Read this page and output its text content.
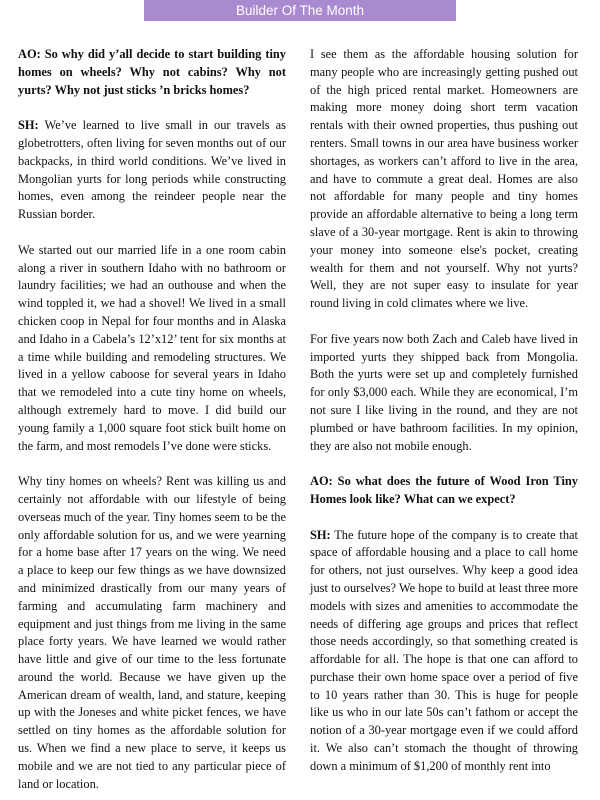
Builder Of The Month

AO: So why did y’all decide to start building tiny homes on wheels? Why not cabins? Why not yurts? Why not just sticks ’n bricks homes?

SH: We’ve learned to live small in our travels as globetrotters, often living for seven months out of our backpacks, in third world conditions. We’ve lived in Mongolian yurts for long periods while constructing homes, even among the reindeer people near the Russian border.

We started out our married life in a one room cabin along a river in southern Idaho with no bathroom or laundry facilities; we had an outhouse and when the wind toppled it, we had a shovel! We lived in a small chicken coop in Nepal for four months and in Alaska and Idaho in a Cabela’s 12’x12’ tent for six months at a time while building and remodeling structures. We lived in a yellow caboose for several years in Idaho that we remodeled into a cute tiny home on wheels, although extremely hard to move. I did build our young family a 1,000 square foot stick built home on the farm, and most remodels I’ve done were sticks.

Why tiny homes on wheels? Rent was killing us and certainly not affordable with our lifestyle of being overseas much of the year. Tiny homes seem to be the only affordable solution for us, and we were yearning for a home base after 17 years on the wing. We need a place to keep our few things as we have downsized and minimized drastically from our many years of farming and accumulating farm machinery and equipment and just things from me living in the same place forty years. We have learned we would rather have little and give of our time to the less fortunate around the world. Because we have given up the American dream of wealth, land, and stature, keeping up with the Joneses and white picket fences, we have settled on tiny homes as the affordable solution for us. When we find a new place to serve, it keeps us mobile and we are not tied to any particular piece of land or location.

I see them as the affordable housing solution for many people who are increasingly getting pushed out of the high priced rental market. Homeowners are making more money doing short term vacation rentals with their owned properties, thus pushing out renters. Small towns in our area have business worker shortages, as workers can’t afford to live in the area, and have to commute a great deal. Homes are also not affordable for many people and tiny homes provide an affordable alternative to being a long term slave of a 30-year mortgage. Rent is akin to throwing your money into someone else's pocket, creating wealth for them and not yourself. Why not yurts? Well, they are not super easy to insulate for year round living in cold climates where we live.

For five years now both Zach and Caleb have lived in imported yurts they shipped back from Mongolia. Both the yurts were set up and completely furnished for only $3,000 each. While they are economical, I’m not sure I like living in the round, and they are not plumbed or have bathroom facilities. In my opinion, they are also not mobile enough.

AO: So what does the future of Wood Iron Tiny Homes look like? What can we expect?

SH: The future hope of the company is to create that space of affordable housing and a place to call home for others, not just ourselves. Why keep a good idea just to ourselves? We hope to build at least three more models with sizes and amenities to accommodate the needs of differing age groups and prices that reflect those needs accordingly, so that something created is affordable for all. The hope is that one can afford to purchase their own home space over a period of five to 10 years rather than 30. This is huge for people like us who in our late 50s can’t fathom or accept the notion of a 30-year mortgage even if we could afford it. We also can’t stomach the thought of throwing down a minimum of $1,200 of monthly rent into
